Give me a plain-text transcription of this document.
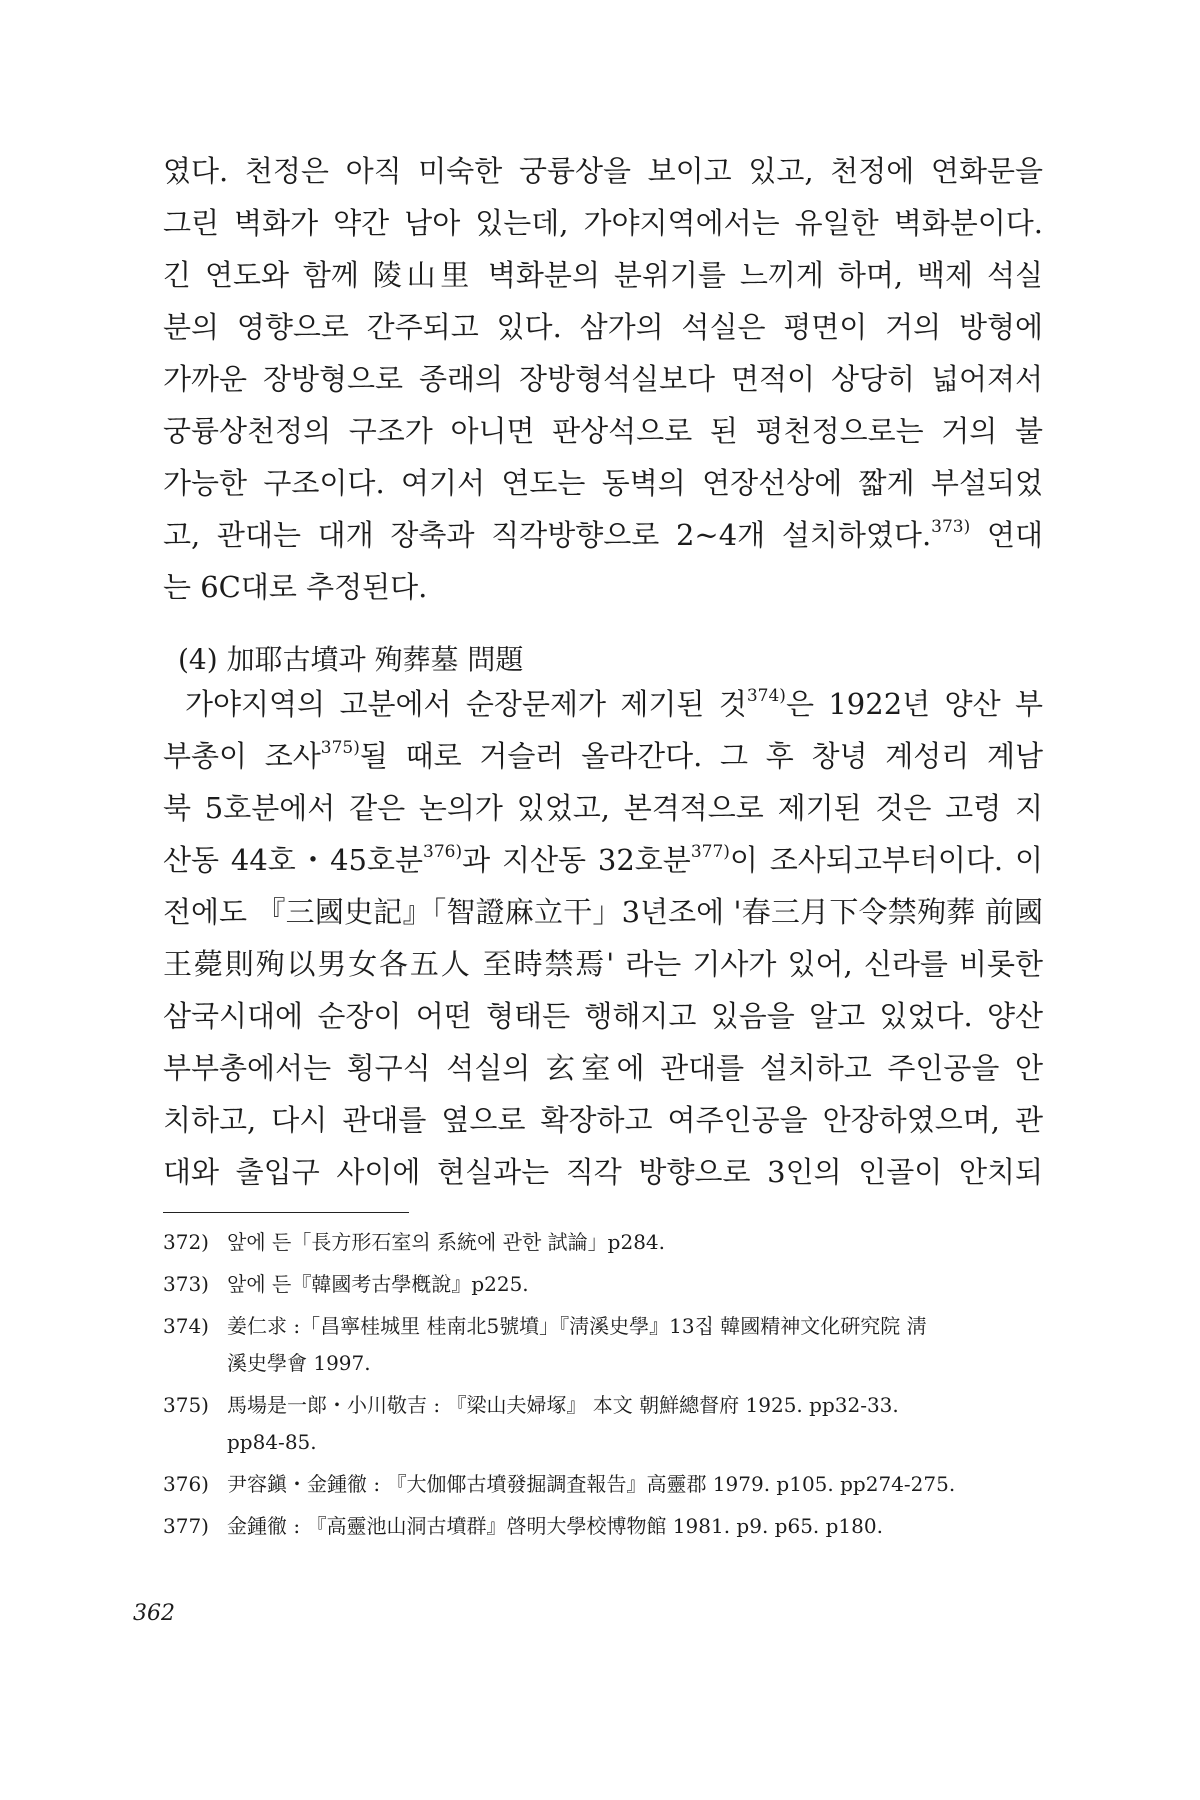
였다. 천정은 아직 미숙한 궁륭상을 보이고 있고, 천정에 연화문을
그린 벽화가 약간 남아 있는데, 가야지역에서는 유일한 벽화분이다.
긴 연도와 함께 陵山里 벽화분의 분위기를 느끼게 하며, 백제 석실
분의 영향으로 간주되고 있다. 삼가의 석실은 평면이 거의 방형에
가까운 장방형으로 종래의 장방형석실보다 면적이 상당히 넓어져서
궁륭상천정의 구조가 아니면 판상석으로 된 평천정으로는 거의 불
가능한 구조이다. 여기서 연도는 동벽의 연장선상에 짧게 부설되었
고, 관대는 대개 장축과 직각방향으로 2~4개 설치하였다.$^{373)}$ 연대
는 6C대로 추정된다.
(4) 加耶古墳과 殉葬墓 問題
가야지역의 고분에서 순장문제가 제기된 것$^{374)}$은 1922년 양산 부
부총이 조사$^{375)}$될 때로 거슬러 올라간다. 그 후 창녕 계성리 계남
북 5호분에서 같은 논의가 있었고, 본격적으로 제기된 것은 고령 지
산동 44호・45호분$^{376)}$과 지산동 32호분$^{377)}$이 조사되고부터이다. 이
전에도 『三國史記』「智證麻立干」3년조에 '春三月下令禁殉葬 前國
王薨則殉以男女各五人 至時禁焉' 라는 기사가 있어, 신라를 비롯한
삼국시대에 순장이 어떤 형태든 행해지고 있음을 알고 있었다. 양산
부부총에서는 횡구식 석실의 玄室에 관대를 설치하고 주인공을 안
치하고, 다시 관대를 옆으로 확장하고 여주인공을 안장하였으며, 관
대와 출입구 사이에 현실과는 직각 방향으로 3인의 인골이 안치되
372) 앞에 든「長方形石室의 系統에 관한 試論」p284.
373) 앞에 든『韓國考古學槪說』p225.
374) 姜仁求 :「昌寧桂城里 桂南北5號墳」『淸溪史學』13집 韓國精神文化硏究院 淸
溪史學會 1997.
375) 馬場是一郞・小川敬吉 : 『梁山夫婦塚』 本文 朝鮮總督府 1925. pp32-33.
pp84-85.
376) 尹容鎭・金鍾徹 : 『大伽倻古墳發掘調査報告』高靈郡 1979. p105. pp274-275.
377) 金鍾徹 : 『高靈池山洞古墳群』啓明大學校博物館 1981. p9. p65. p180.
362
